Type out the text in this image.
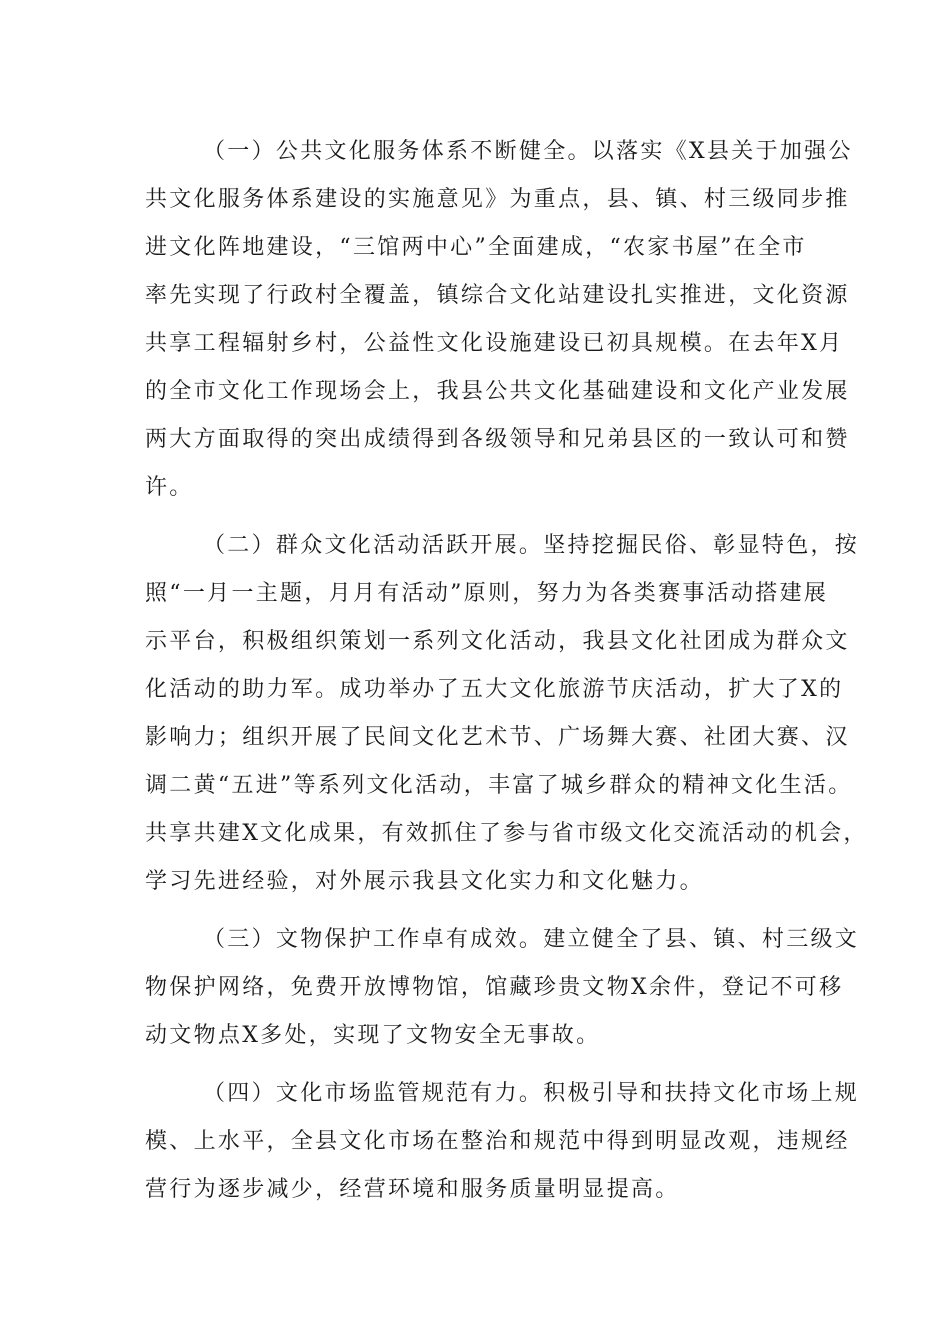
（一）公共文化服务体系不断健全。以落实《X县关于加强公
共文化服务体系建设的实施意见》为重点，县、镇、村三级同步推
进文化阵地建设，“三馆两中心”全面建成，“农家书屋”在全市
率先实现了行政村全覆盖，镇综合文化站建设扎实推进，文化资源
共享工程辐射乡村，公益性文化设施建设已初具规模。在去年X月
的全市文化工作现场会上，我县公共文化基础建设和文化产业发展
两大方面取得的突出成绩得到各级领导和兄弟县区的一致认可和赞
许。
（二）群众文化活动活跃开展。坚持挖掘民俗、彰显特色，按
照“一月一主题，月月有活动”原则，努力为各类赛事活动搭建展
示平台，积极组织策划一系列文化活动，我县文化社团成为群众文
化活动的助力军。成功举办了五大文化旅游节庆活动，扩大了X的
影响力；组织开展了民间文化艺术节、广场舞大赛、社团大赛、汉
调二黄“五进”等系列文化活动，丰富了城乡群众的精神文化生活。
共享共建X文化成果，有效抓住了参与省市级文化交流活动的机会，
学习先进经验，对外展示我县文化实力和文化魅力。
（三）文物保护工作卓有成效。建立健全了县、镇、村三级文
物保护网络，免费开放博物馆，馆藏珍贵文物X余件，登记不可移
动文物点X多处，实现了文物安全无事故。
（四）文化市场监管规范有力。积极引导和扶持文化市场上规
模、上水平，全县文化市场在整治和规范中得到明显改观，违规经
营行为逐步减少，经营环境和服务质量明显提高。
